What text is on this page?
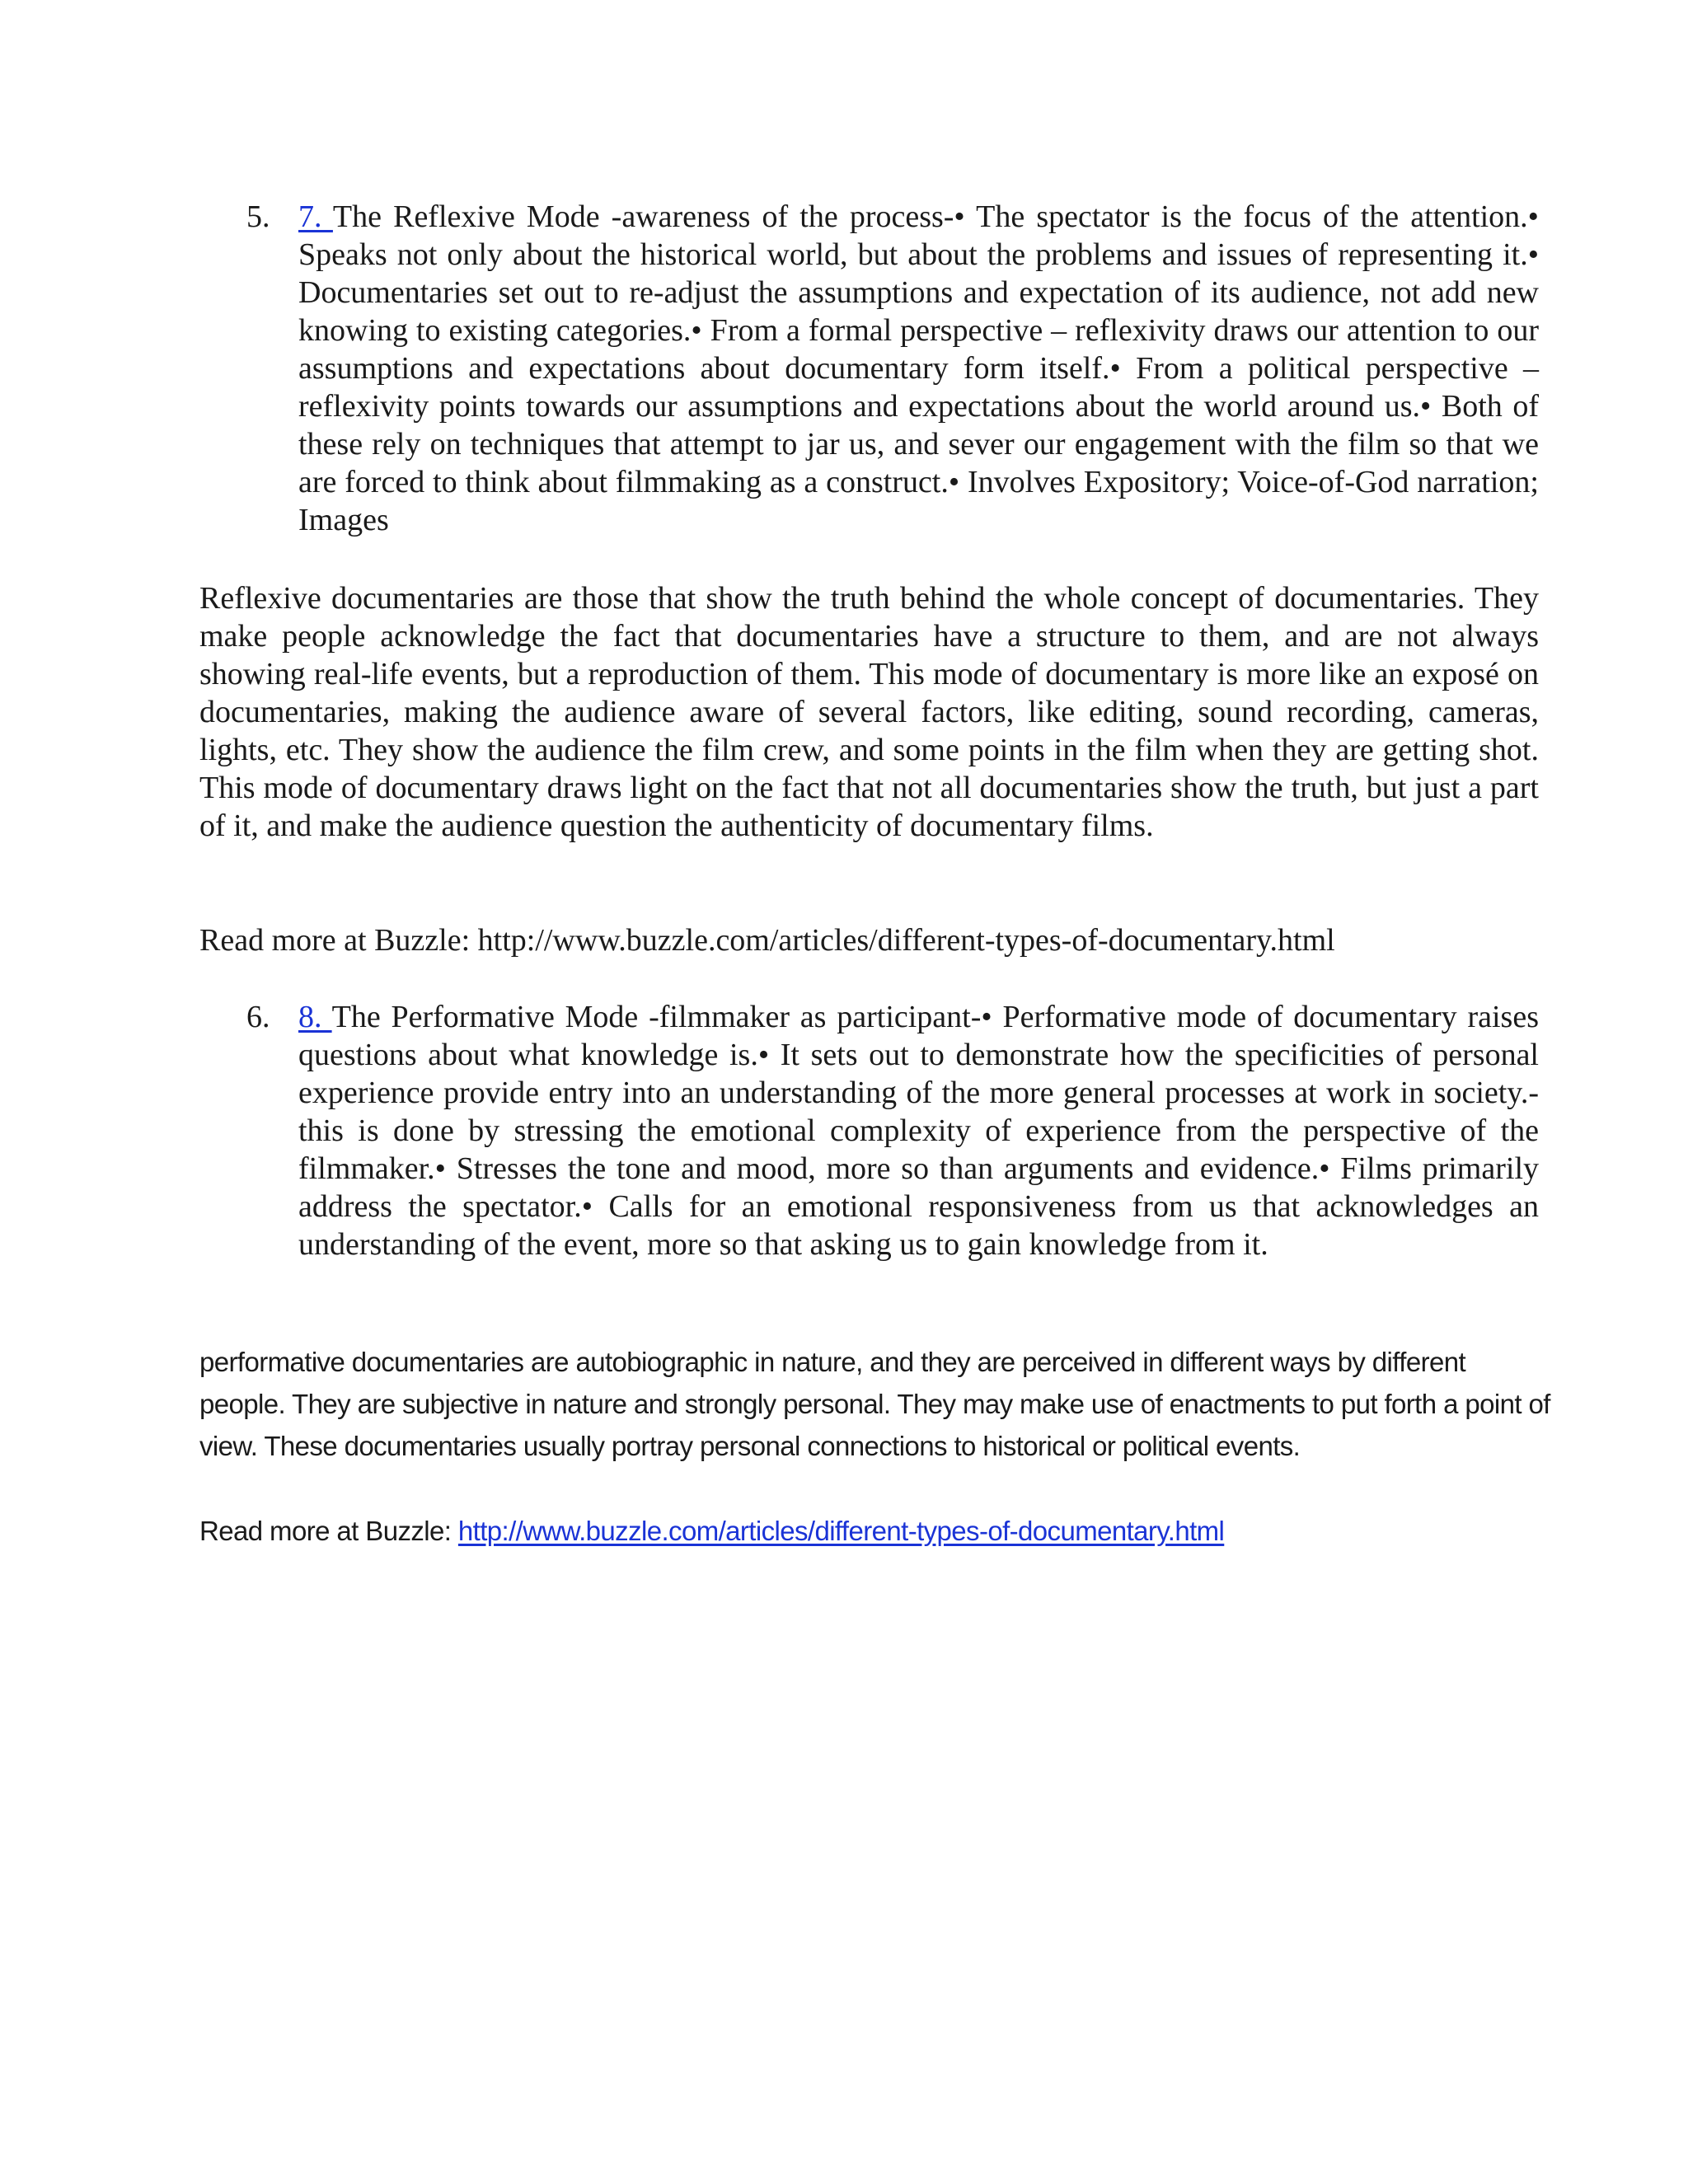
5. 7. The Reflexive Mode -awareness of the process-• The spectator is the focus of the attention.• Speaks not only about the historical world, but about the problems and issues of representing it.• Documentaries set out to re-adjust the assumptions and expectation of its audience, not add new knowing to existing categories.• From a formal perspective – reflexivity draws our attention to our assumptions and expectations about documentary form itself.• From a political perspective – reflexivity points towards our assumptions and expectations about the world around us.• Both of these rely on techniques that attempt to jar us, and sever our engagement with the film so that we are forced to think about filmmaking as a construct.• Involves Expository; Voice-of-God narration; Images
Reflexive documentaries are those that show the truth behind the whole concept of documentaries. They make people acknowledge the fact that documentaries have a structure to them, and are not always showing real-life events, but a reproduction of them. This mode of documentary is more like an exposé on documentaries, making the audience aware of several factors, like editing, sound recording, cameras, lights, etc. They show the audience the film crew, and some points in the film when they are getting shot. This mode of documentary draws light on the fact that not all documentaries show the truth, but just a part of it, and make the audience question the authenticity of documentary films.
Read more at Buzzle: http://www.buzzle.com/articles/different-types-of-documentary.html
6. 8. The Performative Mode -filmmaker as participant-• Performative mode of documentary raises questions about what knowledge is.• It sets out to demonstrate how the specificities of personal experience provide entry into an understanding of the more general processes at work in society.- this is done by stressing the emotional complexity of experience from the perspective of the filmmaker.• Stresses the tone and mood, more so than arguments and evidence.• Films primarily address the spectator.• Calls for an emotional responsiveness from us that acknowledges an understanding of the event, more so that asking us to gain knowledge from it.
performative documentaries are autobiographic in nature, and they are perceived in different ways by different people. They are subjective in nature and strongly personal. They may make use of enactments to put forth a point of view. These documentaries usually portray personal connections to historical or political events.
Read more at Buzzle: http://www.buzzle.com/articles/different-types-of-documentary.html
